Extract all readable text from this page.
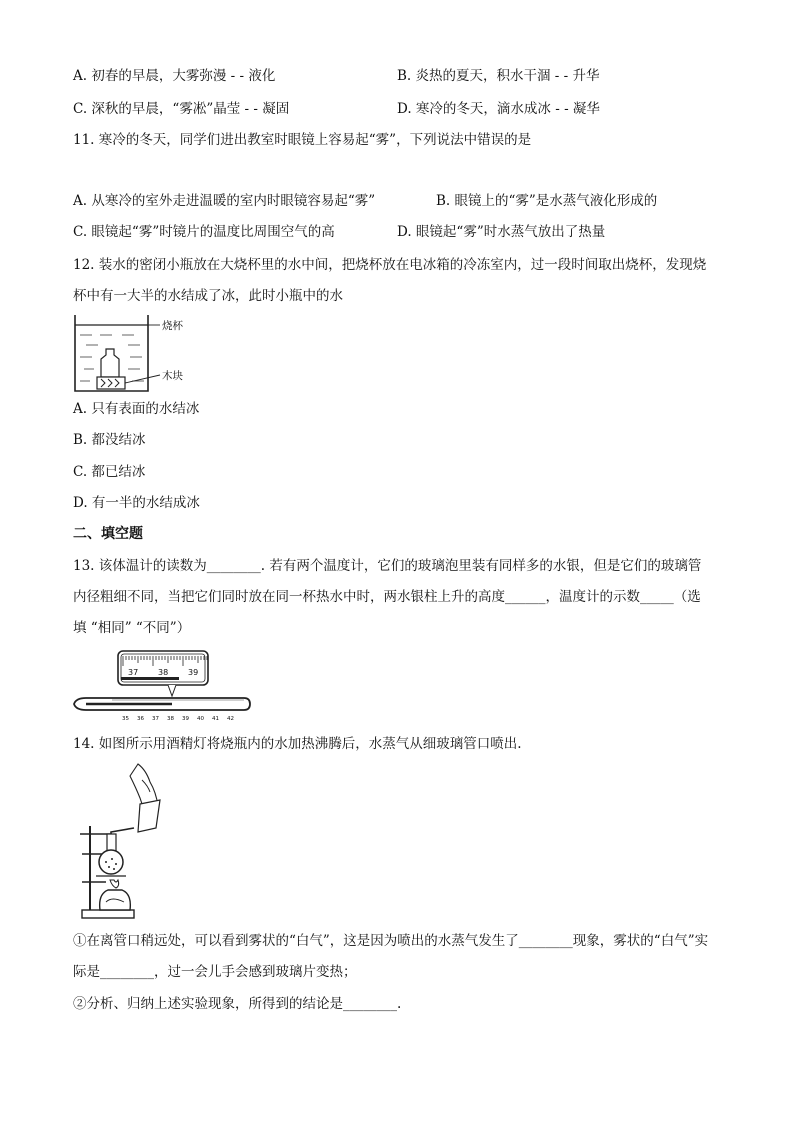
A. 初春的早晨，大雾弥漫 - - 液化	B. 炎热的夏天，积水干涸 - - 升华
C. 深秋的早晨，“雾凇”晶莹 - - 凝固	D. 寒冷的冬天，滴水成冰 - - 凝华
11. 寒冷的冬天，同学们进出教室时眼镜上容易起“雾”，下列说法中错误的是
A. 从寒冷的室外走进温暖的室内时眼镜容易起“雾”	B. 眼镜上的“雾”是水蒸气液化形成的
C. 眼镜起“雾”时镜片的温度比周围空气的高	D. 眼镜起“雾”时水蒸气放出了热量
12. 装水的密闭小瓶放在大烧杯里的水中间，把烧杯放在电冰箱的冷冻室内，过一段时间取出烧杯，发现烧
杯中有一大半的水结成了冰，此时小瓶中的水
烧杯
木块
A. 只有表面的水结冰
B. 都没结冰
C. 都已结冰
D. 有一半的水结成冰
二、填空题
13. 该体温计的读数为________. 若有两个温度计，它们的玻璃泡里装有同样多的水银，但是它们的玻璃管
内径粗细不同，当把它们同时放在同一杯热水中时，两水银柱上升的高度______，温度计的示数_____（选
填 “相同” “不同”）
37 38 39
35 36 37 38 39 40 41 42
14. 如图所示用酒精灯将烧瓶内的水加热沸腾后，水蒸气从细玻璃管口喷出.
①在离管口稍远处，可以看到雾状的“白气”，这是因为喷出的水蒸气发生了________现象，雾状的“白气”实
际是________，过一会儿手会感到玻璃片变热；
②分析、归纳上述实验现象，所得到的结论是________.
